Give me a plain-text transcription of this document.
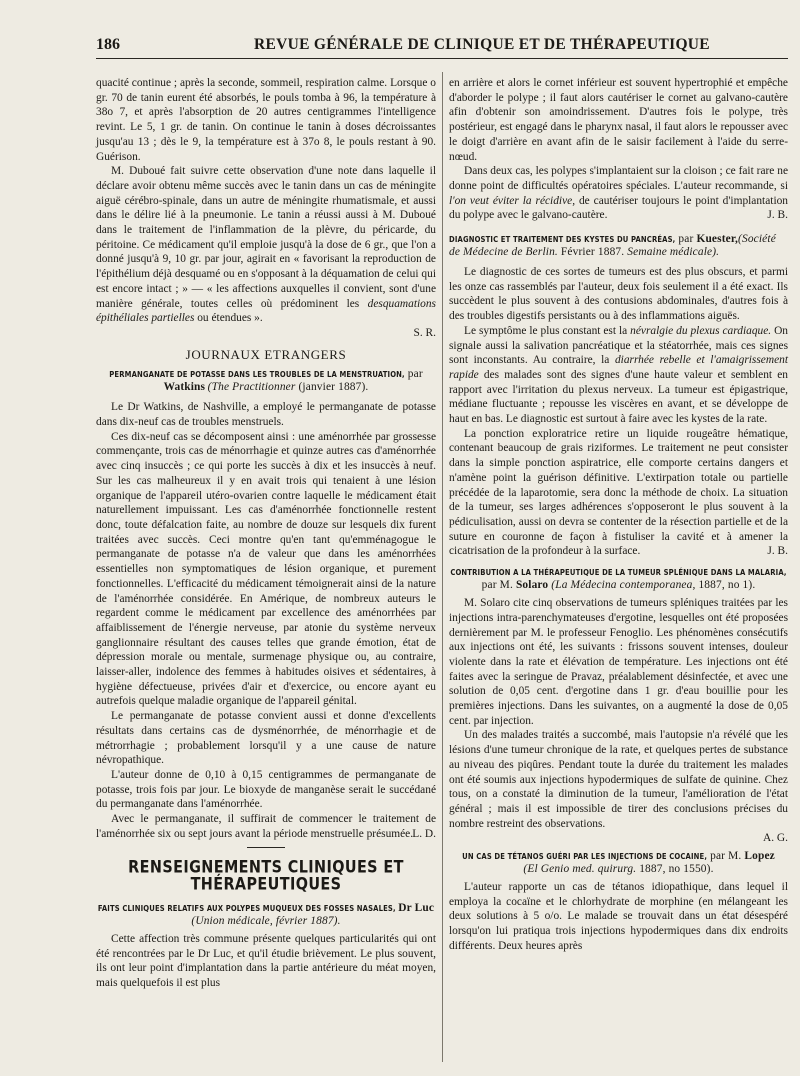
186	REVUE GÉNÉRALE DE CLINIQUE ET DE THÉRAPEUTIQUE

quacité continue ; après la seconde, sommeil, respiration calme. Lorsque o gr. 70 de tanin eurent été absorbés, le pouls tomba à 96, la température à 38o 7, et après l'absorption de 20 autres centigrammes l'intelligence revint. Le 5, 1 gr. de tanin. On continue le tanin à doses décroissantes jusqu'au 13 ; dès le 9, la température est à 37o 8, le pouls restant à 90. Guérison.

M. Duboué fait suivre cette observation d'une note dans laquelle il déclare avoir obtenu même succès avec le tanin dans un cas de méningite aiguë cérébro-spinale, dans un autre de méningite rhumatismale, et aussi dans le délire lié à la pneumonie. Le tanin a réussi aussi à M. Duboué dans le traitement de l'inflammation de la plèvre, du péricarde, du péritoine. Ce médicament qu'il emploie jusqu'à la dose de 6 gr., que l'on a donné jusqu'à 9, 10 gr. par jour, agirait en « favorisant la reproduction de l'épithélium déjà desquamé ou en s'opposant à la déquamation de celui qui est encore intact ; » — « les affections auxquelles il convient, sont d'une manière générale, toutes celles où prédominent les desquamations épithéliales partielles ou étendues ».

S. R.

JOURNAUX ETRANGERS
PERMANGANATE DE POTASSE DANS LES TROUBLES DE LA MENSTRUATION, par
Watkins (The Practitionner (janvier 1887).

Le Dr Watkins, de Nashville, a employé le permanganate de potasse dans dix-neuf cas de troubles menstruels.

Ces dix-neuf cas se décomposent ainsi : une aménorrhée par grossesse commençante, trois cas de ménorrhagie et quinze autres cas d'aménorrhée avec cinq insuccès ; ce qui porte les succès à dix et les insuccès à neuf. Sur les cas malheureux il y en avait trois qui tenaient à une lésion organique de l'appareil utéro-ovarien contre laquelle le médicament était naturellement impuissant. Les cas d'aménorrhée fonctionnelle restent donc, toute défalcation faite, au nombre de douze sur lesquels dix furent traitées avec succès. Ceci montre qu'en tant qu'emménagogue le permanganate de potasse n'a de valeur que dans les aménorrhées essentielles non symptomatiques de lésion organique, et purement fonctionnelles. L'efficacité du médicament témoignerait ainsi de la nature de l'aménorrhée considérée. En Amérique, de nombreux auteurs le regardent comme le médicament par excellence des aménorrhées par affaiblissement de l'énergie nerveuse, par atonie du système nerveux ganglionnaire résultant des causes telles que grande émotion, état de dépression morale ou mentale, surmenage physique ou, au contraire, laisser-aller, indolence des femmes à habitudes oisives et sédentaires, à hygiène défectueuse, privées d'air et d'exercice, ou encore ayant eu autrefois quelque maladie organique de l'appareil génital.

Le permanganate de potasse convient aussi et donne d'excellents résultats dans certains cas de dysménorrhée, de ménorrhagie et de métrorrhagie ; probablement lorsqu'il y a une cause de nature névropathique.

L'auteur donne de 0,10 à 0,15 centigrammes de permanganate de potasse, trois fois par jour. Le bioxyde de manganèse serait le succédané du permanganate dans l'aménorrhée.

Avec le permanganate, il suffirait de commencer le traitement de l'aménorrhée six ou sept jours avant la période menstruelle présumée. L. D.

RENSEIGNEMENTS CLINIQUES ET THÉRAPEUTIQUES
FAITS CLINIQUES RELATIFS AUX POLYPES MUQUEUX DES FOSSES NASALES, Dr Luc
(Union médicale, février 1887).

Cette affection très commune présente quelques particularités qui ont été rencontrées par le Dr Luc, et qu'il étudie brièvement. Le plus souvent, ils ont leur point d'implantation dans la partie antérieure du méat moyen, mais quelquefois il est plus

en arrière et alors le cornet inférieur est souvent hypertrophié et empêche d'aborder le polype ; il faut alors cautériser le cornet au galvano-cautère afin d'obtenir son amoindrissement. D'autres fois le polype, très postérieur, est engagé dans le pharynx nasal, il faut alors le repousser avec le doigt d'arrière en avant afin de le saisir facilement à l'aide du serre-nœud.

Dans deux cas, les polypes s'implantaient sur la cloison ; ce fait rare ne donne point de difficultés opératoires spéciales. L'auteur recommande, si l'on veut éviter la récidive, de cautériser toujours le point d'implantation du polype avec le galvano-cautère.	J. B.

DIAGNOSTIC ET TRAITEMENT DES KYSTES DU PANCRÉAS, par Kuester,(Société de Médecine de Berlin. Février 1887. Semaine médicale).

Le diagnostic de ces sortes de tumeurs est des plus obscurs, et parmi les onze cas rassemblés par l'auteur, deux fois seulement il a été exact. Ils succèdent le plus souvent à des contusions abdominales, d'autres fois à des troubles digestifs persistants ou à des inflammations aiguës.

Le symptôme le plus constant est la névralgie du plexus cardiaque. On signale aussi la salivation pancréatique et la stéatorrhée, mais ces signes sont inconstants. Au contraire, la diarrhée rebelle et l'amaigrissement rapide des malades sont des signes d'une haute valeur et semblent en rapport avec l'irritation du plexus nerveux. La tumeur est épigastrique, médiane fluctuante ; repousse les viscères en avant, et se développe de haut en bas. Le diagnostic est surtout à faire avec les kystes de la rate.

La ponction exploratrice retire un liquide rougeâtre hématique, contenant beaucoup de grais riziformes. Le traitement ne peut consister dans la simple ponction aspiratrice, elle comporte certains dangers et n'amène point la guérison définitive. L'extirpation totale ou partielle précédée de la laparotomie, sera donc la méthode de choix. La situation de la tumeur, ses larges adhérences s'opposeront le plus souvent à la pédiculisation, aussi on devra se contenter de la résection partielle et de la suture en couronne de façon à fistuliser la cavité et à amener la cicatrisation de la profondeur à la surface.	J. B.

CONTRIBUTION A LA THÉRAPEUTIQUE DE LA TUMEUR SPLÉNIQUE DANS LA MALARIA,
par M. Solaro (La Médecina contemporanea, 1887, no 1).

M. Solaro cite cinq observations de tumeurs spléniques traitées par les injections intra-parenchymateuses d'ergotine, lesquelles ont été proposées dernièrement par M. le professeur Fenoglio. Les phénomènes consécutifs aux injections ont été, les suivants : frissons souvent intenses, douleur violente dans la rate et élévation de température. Les injections ont été faites avec la seringue de Pravaz, préalablement désinfectée, et avec une solution de 0,05 cent. d'ergotine dans 1 gr. d'eau bouillie pour les premières injections. Dans les suivantes, on a augmenté la dose de 0,05 cent. par injection.

Un des malades traités a succombé, mais l'autopsie n'a révélé que les lésions d'une tumeur chronique de la rate, et quelques pertes de substance au niveau des piqûres. Pendant toute la durée du traitement les malades ont été soumis aux injections hypodermiques de sulfate de quinine. Chez tous, on a constaté la diminution de la tumeur, l'amélioration de l'état général ; mais il est impossible de tirer des conclusions précises du nombre restreint des observations.

A. G.

UN CAS DE TÉTANOS GUÉRI PAR LES INJECTIONS DE COCAINE, par M. Lopez
(El Genio med. quirurg. 1887, no 1550).

L'auteur rapporte un cas de tétanos idiopathique, dans lequel il employa la cocaïne et le chlorhydrate de morphine (en mélangeant les deux solutions à 5 o/o. Le malade se trouvait dans un état désespéré lorsqu'on lui pratiqua trois injections hypodermiques dans dix endroits différents. Deux heures après
